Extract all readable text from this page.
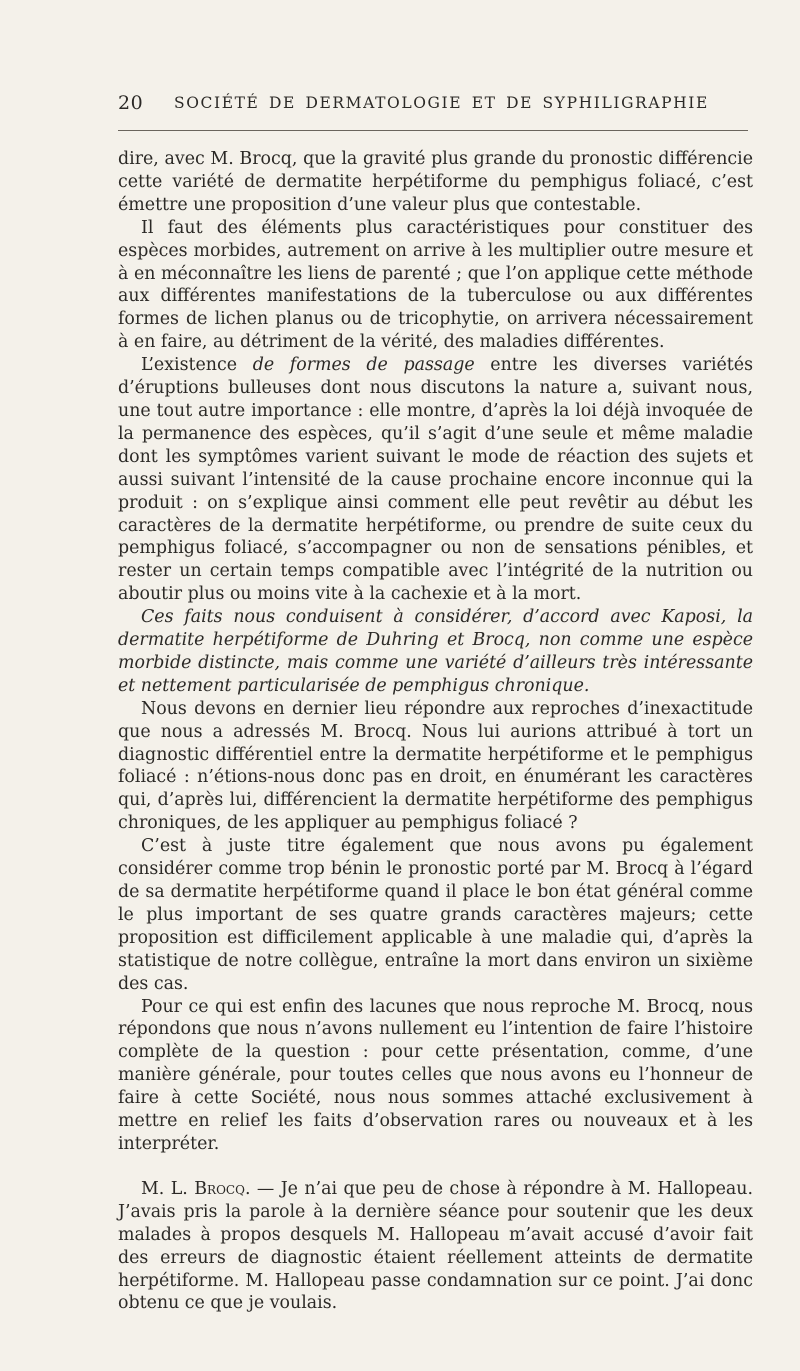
20 SOCIÉTÉ DE DERMATOLOGIE ET DE SYPHILIGRAPHIE

dire, avec M. Brocq, que la gravité plus grande du pronostic différencie cette variété de dermatite herpétiforme du pemphigus foliacé, c’est émettre une proposition d’une valeur plus que contestable.

Il faut des éléments plus caractéristiques pour constituer des espèces morbides, autrement on arrive à les multiplier outre mesure et à en méconnaître les liens de parenté ; que l’on applique cette méthode aux différentes manifestations de la tuberculose ou aux différentes formes de lichen planus ou de tricophytie, on arrivera nécessairement à en faire, au détriment de la vérité, des maladies différentes.

L’existence de formes de passage entre les diverses variétés d’éruptions bulleuses dont nous discutons la nature a, suivant nous, une tout autre importance : elle montre, d’après la loi déjà invoquée de la permanence des espèces, qu’il s’agit d’une seule et même maladie dont les symptômes varient suivant le mode de réaction des sujets et aussi suivant l’intensité de la cause prochaine encore inconnue qui la produit : on s’explique ainsi comment elle peut revêtir au début les caractères de la dermatite herpétiforme, ou prendre de suite ceux du pemphigus foliacé, s’accompagner ou non de sensations pénibles, et rester un certain temps compatible avec l’intégrité de la nutrition ou aboutir plus ou moins vite à la cachexie et à la mort.

Ces faits nous conduisent à considérer, d’accord avec Kaposi, la dermatite herpétiforme de Duhring et Brocq, non comme une espèce morbide distincte, mais comme une variété d’ailleurs très intéressante et nettement particularisée de pemphigus chronique.

Nous devons en dernier lieu répondre aux reproches d’inexactitude que nous a adressés M. Brocq. Nous lui aurions attribué à tort un diagnostic différentiel entre la dermatite herpétiforme et le pemphigus foliacé : n’étions-nous donc pas en droit, en énumérant les caractères qui, d’après lui, différencient la dermatite herpétiforme des pemphigus chroniques, de les appliquer au pemphigus foliacé ?

C’est à juste titre également que nous avons pu également considérer comme trop bénin le pronostic porté par M. Brocq à l’égard de sa dermatite herpétiforme quand il place le bon état général comme le plus important de ses quatre grands caractères majeurs; cette proposition est difficilement applicable à une maladie qui, d’après la statistique de notre collègue, entraîne la mort dans environ un sixième des cas.

Pour ce qui est enfin des lacunes que nous reproche M. Brocq, nous répondons que nous n’avons nullement eu l’intention de faire l’histoire complète de la question : pour cette présentation, comme, d’une manière générale, pour toutes celles que nous avons eu l’honneur de faire à cette Société, nous nous sommes attaché exclusivement à mettre en relief les faits d’observation rares ou nouveaux et à les interpréter.

M. L. Brocq. — Je n’ai que peu de chose à répondre à M. Hallopeau. J’avais pris la parole à la dernière séance pour soutenir que les deux malades à propos desquels M. Hallopeau m’avait accusé d’avoir fait des erreurs de diagnostic étaient réellement atteints de dermatite herpétiforme. M. Hallopeau passe condamnation sur ce point. J’ai donc obtenu ce que je voulais.
